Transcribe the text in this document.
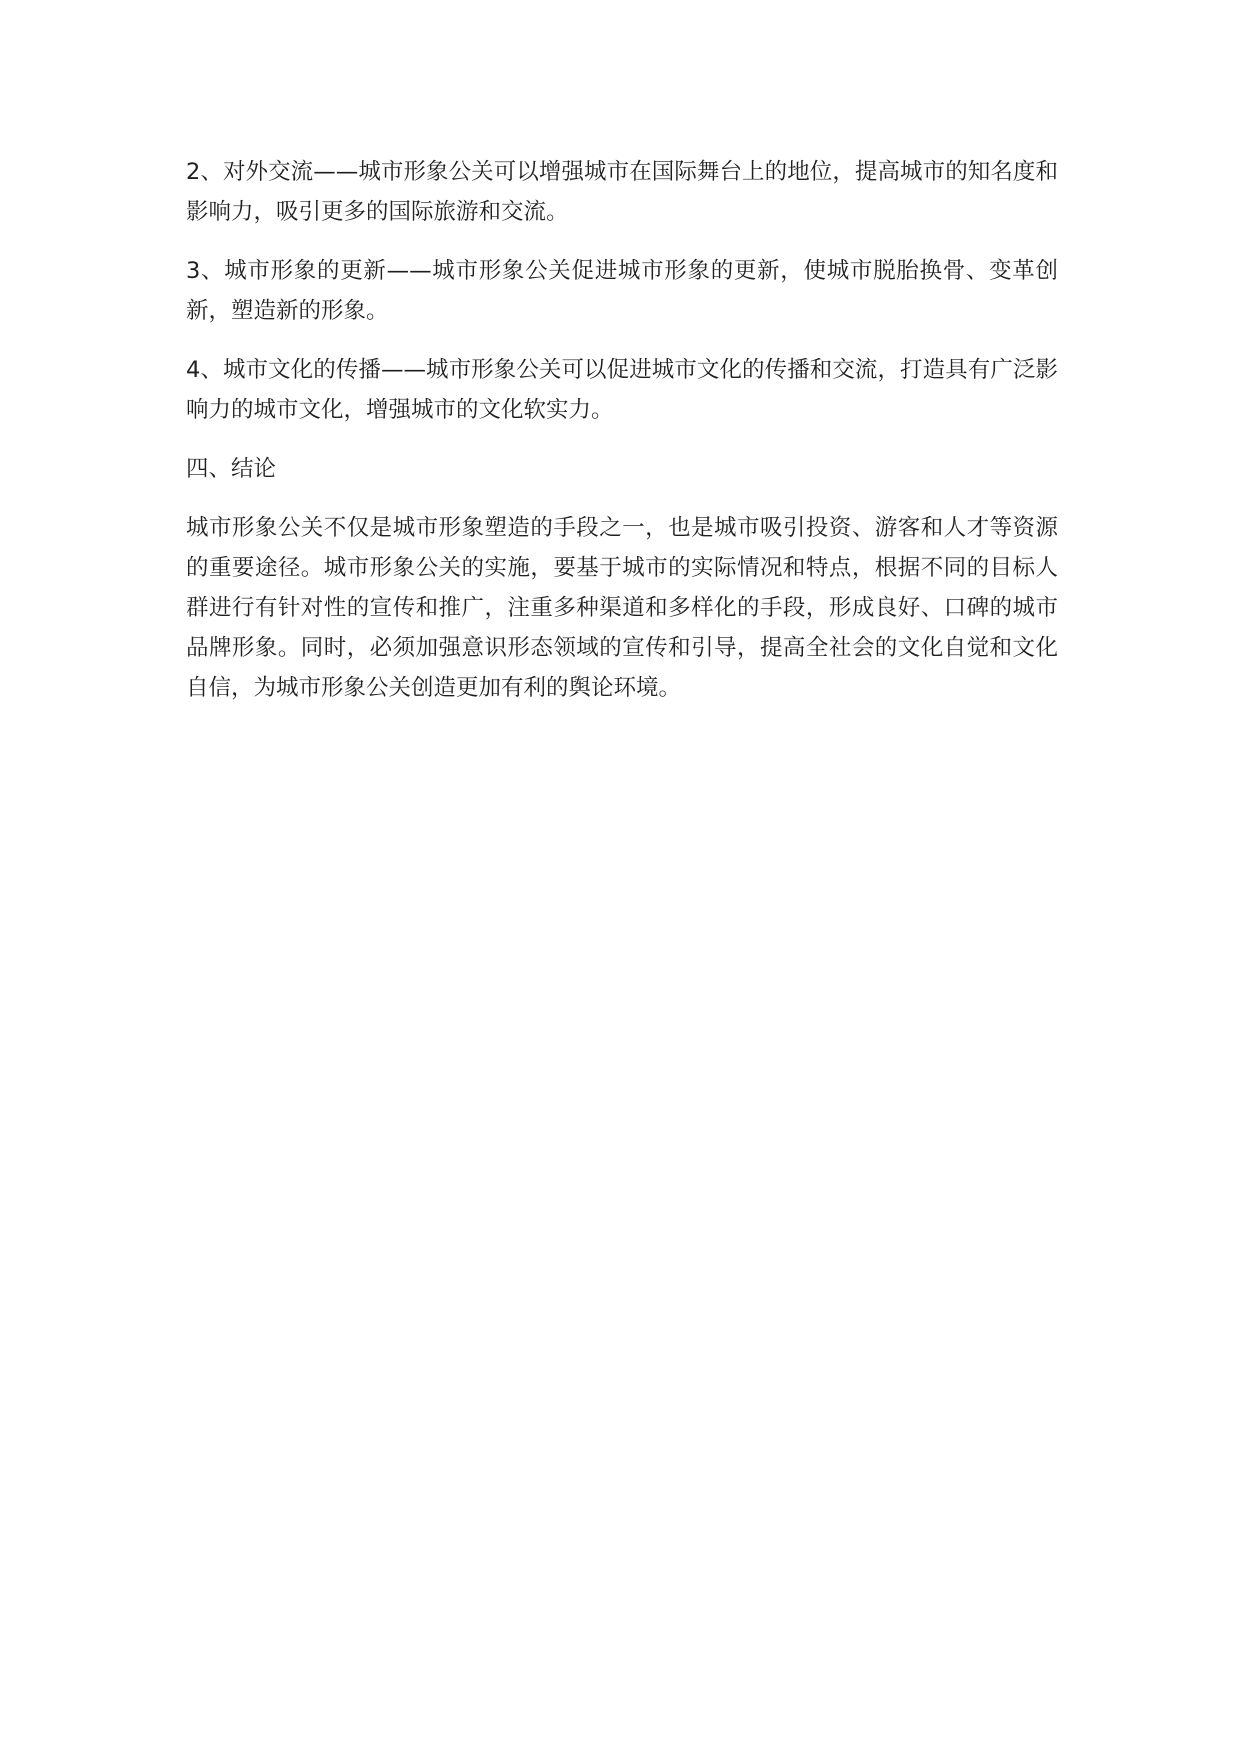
2、对外交流——城市形象公关可以增强城市在国际舞台上的地位，提高城市的知名度和影响力，吸引更多的国际旅游和交流。

3、城市形象的更新——城市形象公关促进城市形象的更新，使城市脱胎换骨、变革创新，塑造新的形象。

4、城市文化的传播——城市形象公关可以促进城市文化的传播和交流，打造具有广泛影响力的城市文化，增强城市的文化软实力。

四、结论

城市形象公关不仅是城市形象塑造的手段之一，也是城市吸引投资、游客和人才等资源的重要途径。城市形象公关的实施，要基于城市的实际情况和特点，根据不同的目标人群进行有针对性的宣传和推广，注重多种渠道和多样化的手段，形成良好、口碑的城市品牌形象。同时，必须加强意识形态领域的宣传和引导，提高全社会的文化自觉和文化自信，为城市形象公关创造更加有利的舆论环境。
